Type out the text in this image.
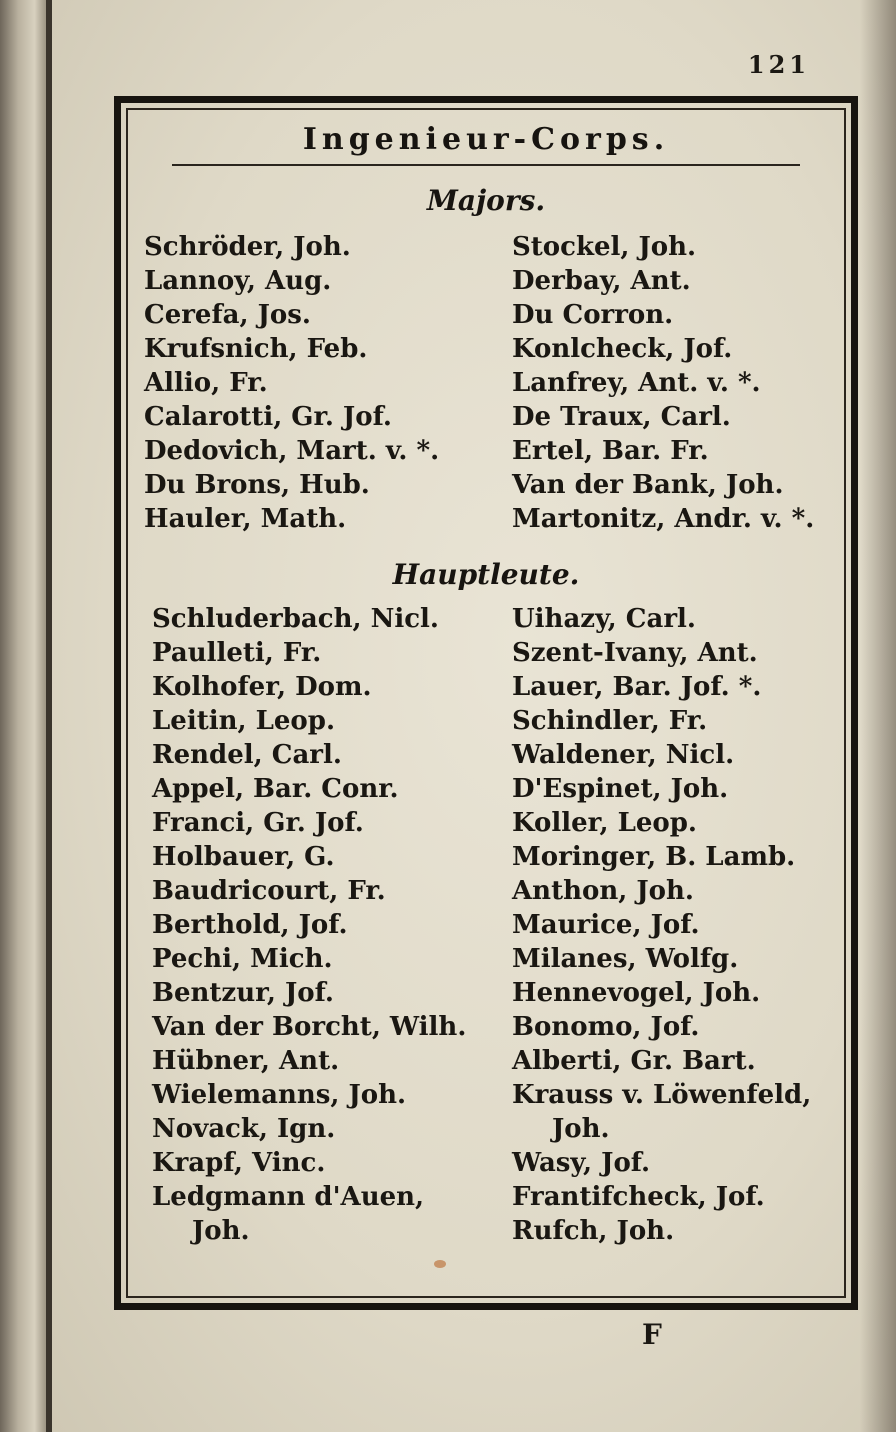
121
Ingenieur-Corps.
Majors.
Schröder, Joh.
Lannoy, Aug.
Cerefa, Jos.
Krufsnich, Feb.
Allio, Fr.
Calarotti, Gr. Jof.
Dedovich, Mart. v. *.
Du Brons, Hub.
Hauler, Math.
Stockel, Joh.
Derbay, Ant.
Du Corron.
Konlcheck, Jof.
Lanfrey, Ant. v. *.
De Traux, Carl.
Ertel, Bar. Fr.
Van der Bank, Joh.
Martonitz, Andr. v. *.
Hauptleute.
Schluderbach, Nicl.
Paulleti, Fr.
Kolhofer, Dom.
Leitin, Leop.
Rendel, Carl.
Appel, Bar. Conr.
Franci, Gr. Jof.
Holbauer, G.
Baudricourt, Fr.
Berthold, Jof.
Pechi, Mich.
Bentzur, Jof.
Van der Borcht, Wilh.
Hübner, Ant.
Wielemanns, Joh.
Novack, Ign.
Krapf, Vinc.
Ledgmann d'Auen,
Joh.
Uihazy, Carl.
Szent-Ivany, Ant.
Lauer, Bar. Jof. *.
Schindler, Fr.
Waldener, Nicl.
D'Espinet, Joh.
Koller, Leop.
Moringer, B. Lamb.
Anthon, Joh.
Maurice, Jof.
Milanes, Wolfg.
Hennevogel, Joh.
Bonomo, Jof.
Alberti, Gr. Bart.
Krauss v. Löwenfeld,
Joh.
Wasy, Jof.
Frantifcheck, Jof.
Rufch, Joh.
F
